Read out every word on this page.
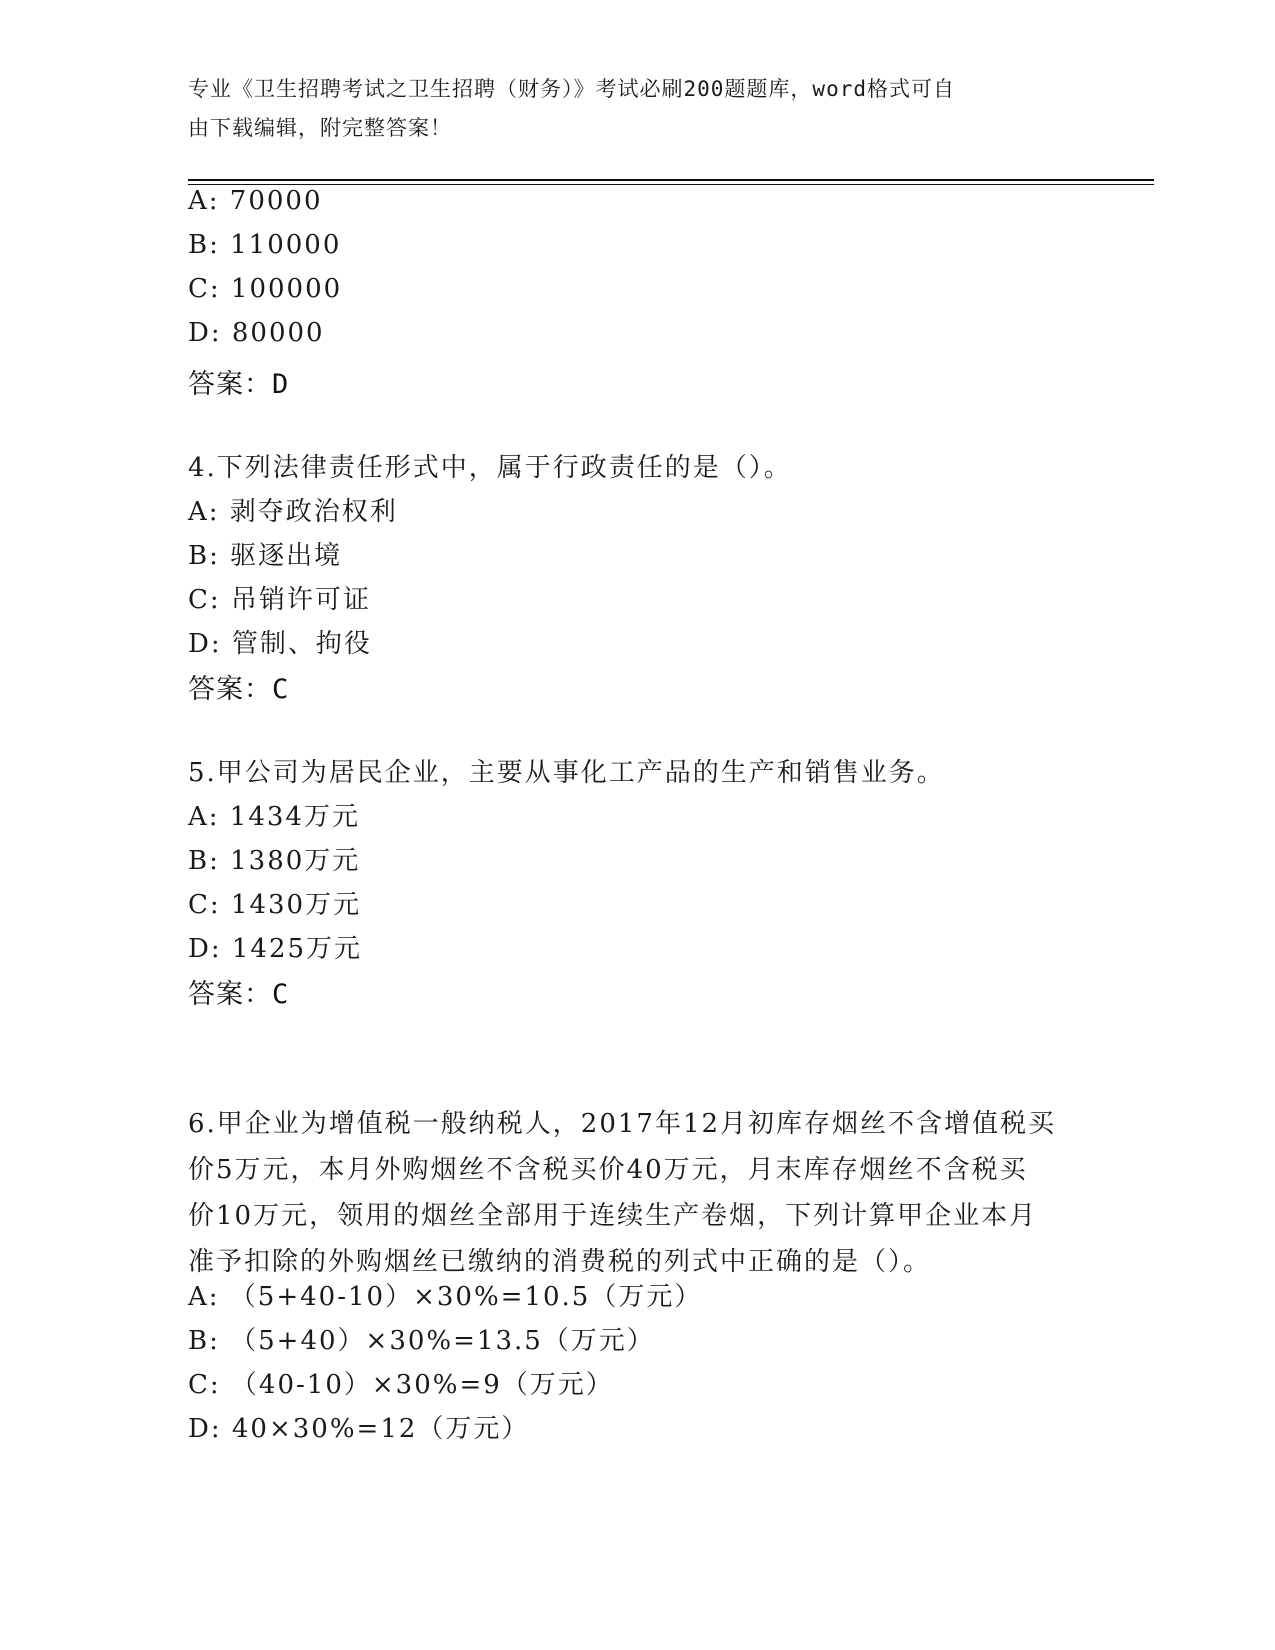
专业《卫生招聘考试之卫生招聘（财务）》考试必刷200题题库，word格式可自
由下载编辑，附完整答案！
A: 70000
B: 110000
C: 100000
D: 80000
答案：D
4.下列法律责任形式中，属于行政责任的是（）。
A: 剥夺政治权利
B: 驱逐出境
C: 吊销许可证
D: 管制、拘役
答案：C
5.甲公司为居民企业，主要从事化工产品的生产和销售业务。
A: 1434万元
B: 1380万元
C: 1430万元
D: 1425万元
答案：C
6.甲企业为增值税一般纳税人，2017年12月初库存烟丝不含增值税买
价5万元，本月外购烟丝不含税买价40万元，月末库存烟丝不含税买
价10万元，领用的烟丝全部用于连续生产卷烟，下列计算甲企业本月
准予扣除的外购烟丝已缴纳的消费税的列式中正确的是（）。
A: （5+40-10）×30%=10.5（万元）
B: （5+40）×30%=13.5（万元）
C: （40-10）×30%=9（万元）
D: 40×30%=12（万元）
